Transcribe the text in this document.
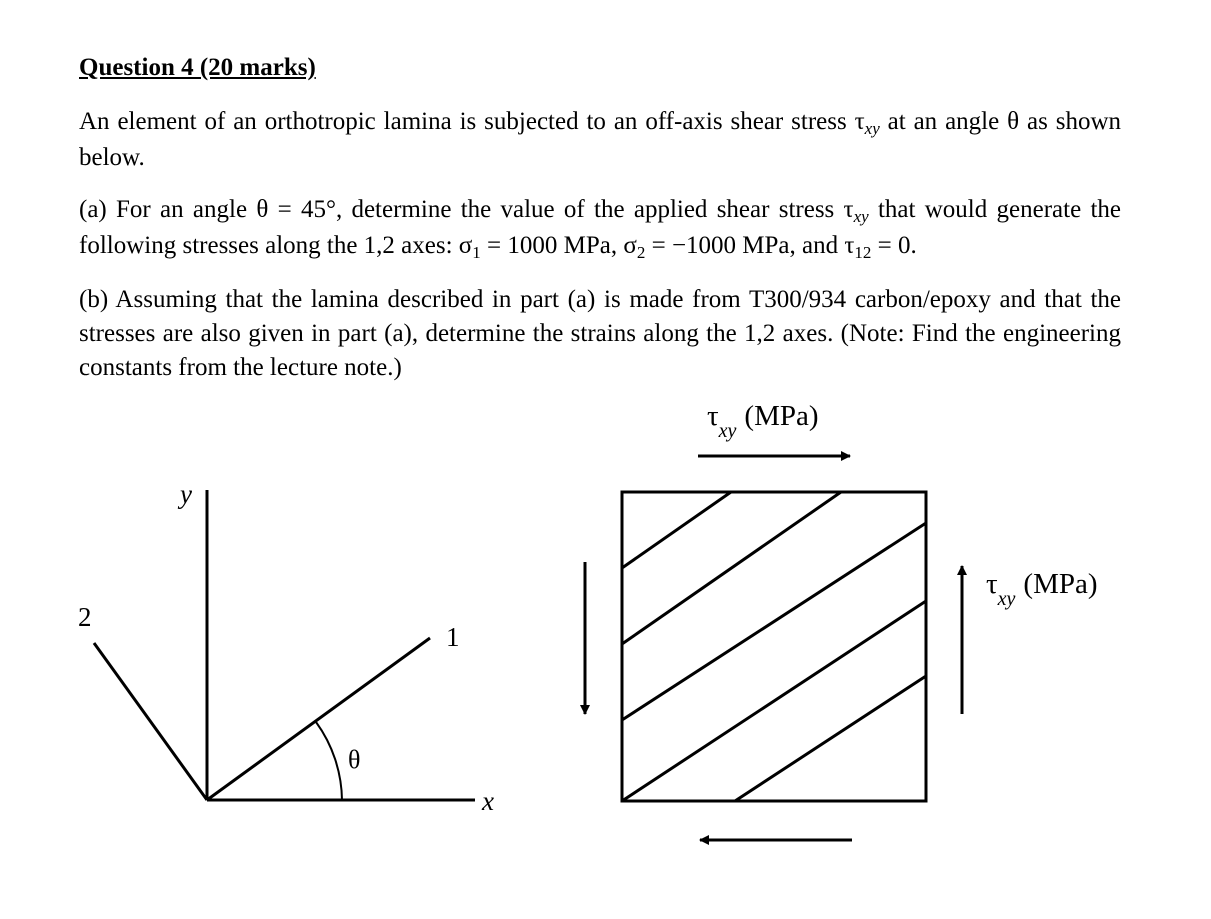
Question 4 (20 marks)
An element of an orthotropic lamina is subjected to an off-axis shear stress $\tau_{xy}$ at an angle θ as shown below.
(a) For an angle θ = 45°, determine the value of the applied shear stress $\tau_{xy}$ that would generate the following stresses along the 1,2 axes: $\sigma_1 = 1000$ MPa, $\sigma_2 = -1000$ MPa, and $\tau_{12} = 0$.
(b) Assuming that the lamina described in part (a) is made from T300/934 carbon/epoxy and that the stresses are also given in part (a), determine the strains along the 1,2 axes. (Note: Find the engineering constants from the lecture note.)
y
x
1
2
θ
$\tau_{xy}$ (MPa)
$\tau_{xy}$ (MPa)
